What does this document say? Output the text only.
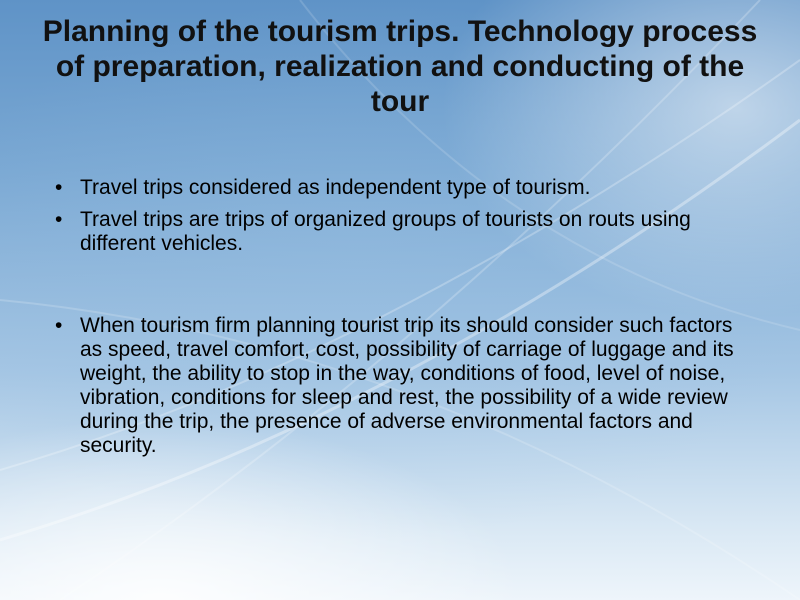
Planning of the tourism trips. Technology process of preparation, realization and conducting of the tour
• Travel trips considered as independent type of tourism.
• Travel trips are trips of organized groups of tourists on routs using different vehicles.
• When tourism firm planning tourist trip its should consider such factors as speed, travel comfort, cost, possibility of carriage of luggage and its weight, the ability to stop in the way, conditions of food, level of noise, vibration, conditions for sleep and rest, the possibility of a wide review during the trip, the presence of adverse environmental factors and security.
